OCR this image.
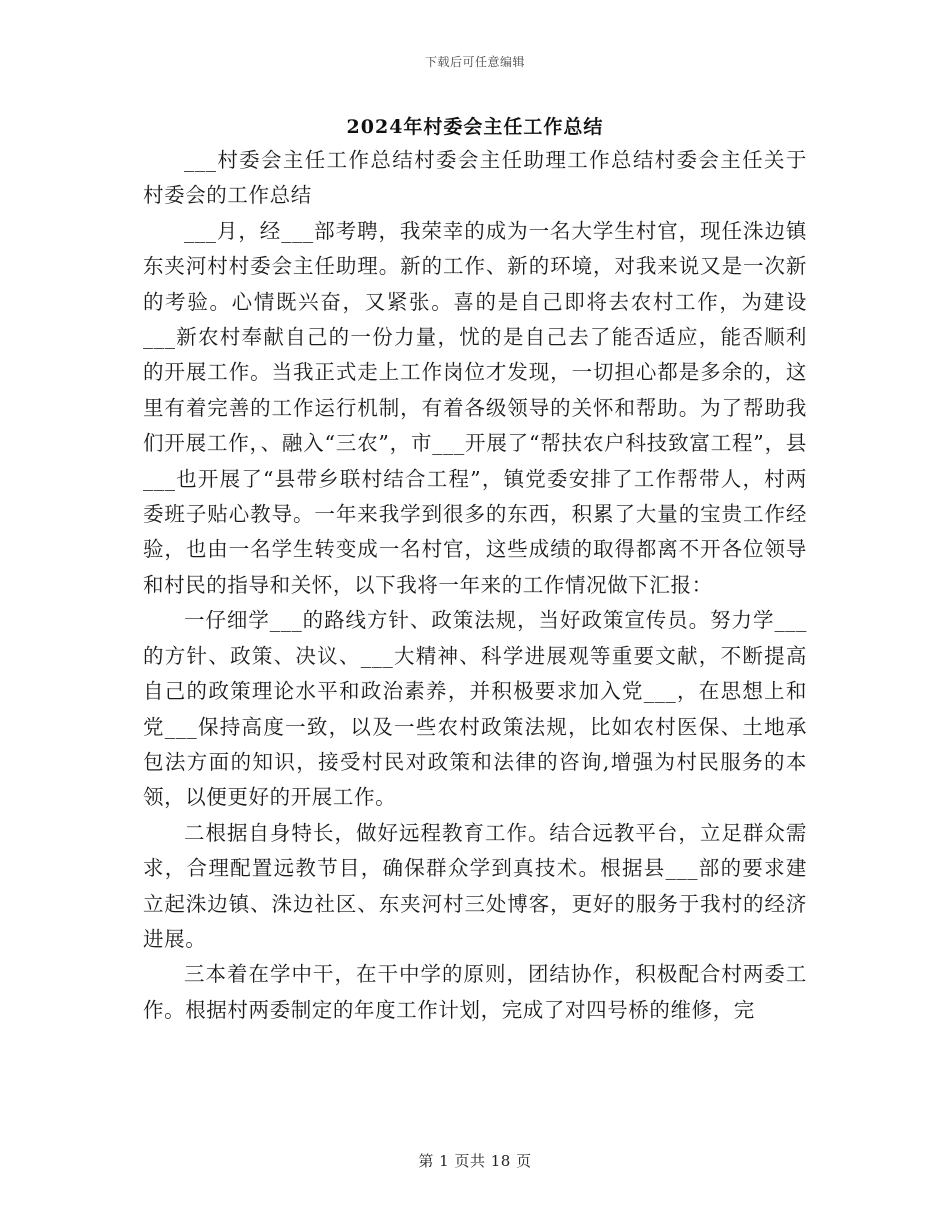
下载后可任意编辑
2024年村委会主任工作总结

___村委会主任工作总结村委会主任助理工作总结村委会主任关于村委会的工作总结

___月，经___部考聘，我荣幸的成为一名大学生村官，现任洙边镇东夹河村村委会主任助理。新的工作、新的环境，对我来说又是一次新的考验。心情既兴奋，又紧张。喜的是自己即将去农村工作，为建设___新农村奉献自己的一份力量，忧的是自己去了能否适应，能否顺利的开展工作。当我正式走上工作岗位才发现，一切担心都是多余的，这里有着完善的工作运行机制，有着各级领导的关怀和帮助。为了帮助我们开展工作，、融入“三农”，市___开展了“帮扶农户科技致富工程”，县___也开展了“县带乡联村结合工程”，镇党委安排了工作帮带人，村两委班子贴心教导。一年来我学到很多的东西，积累了大量的宝贵工作经验，也由一名学生转变成一名村官，这些成绩的取得都离不开各位领导和村民的指导和关怀，以下我将一年来的工作情况做下汇报：

一仔细学___的路线方针、政策法规，当好政策宣传员。努力学___的方针、政策、决议、___大精神、科学进展观等重要文献，不断提高自己的政策理论水平和政治素养，并积极要求加入党___，在思想上和党___保持高度一致，以及一些农村政策法规，比如农村医保、土地承包法方面的知识，接受村民对政策和法律的咨询,增强为村民服务的本领，以便更好的开展工作。

二根据自身特长，做好远程教育工作。结合远教平台，立足群众需求，合理配置远教节目，确保群众学到真技术。根据县___部的要求建立起洙边镇、洙边社区、东夹河村三处博客，更好的服务于我村的经济进展。

三本着在学中干，在干中学的原则，团结协作，积极配合村两委工作。根据村两委制定的年度工作计划，完成了对四号桥的维修，完

第 1 页共 18 页
